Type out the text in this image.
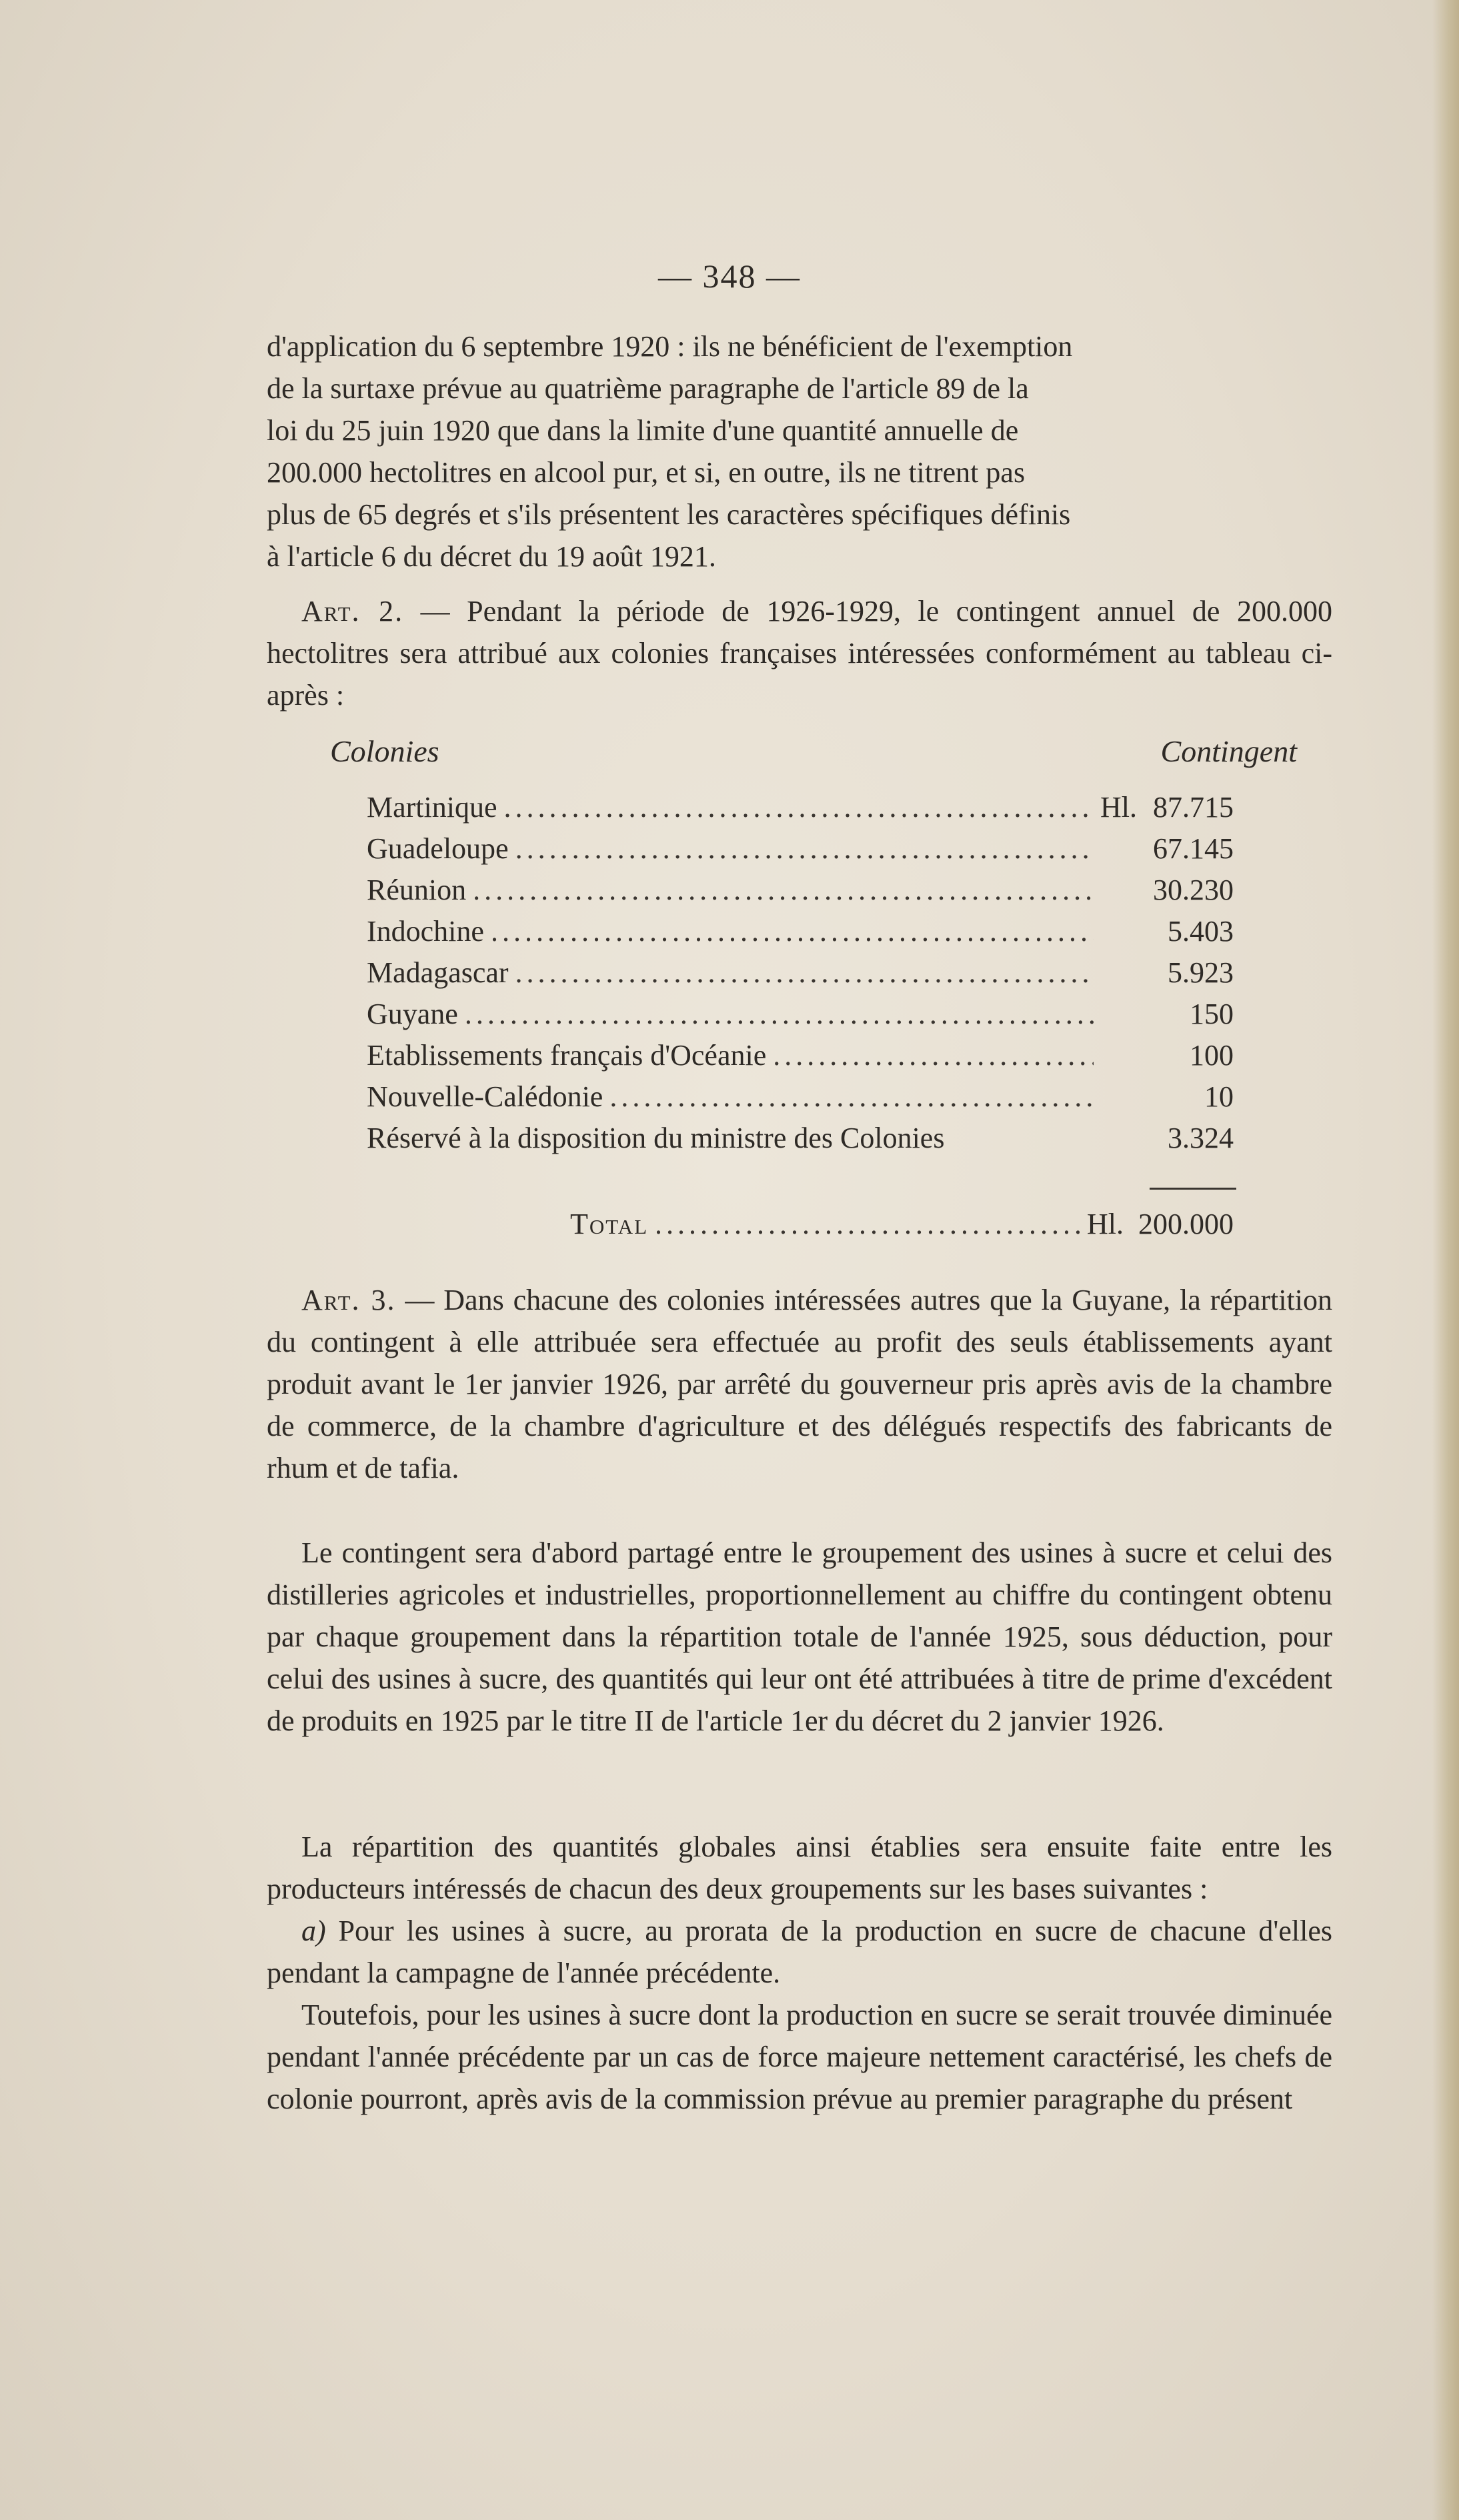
— 348 —
d'application du 6 septembre 1920 : ils ne bénéficient de l'exemption
de la surtaxe prévue au quatrième paragraphe de l'article 89 de la
loi du 25 juin 1920 que dans la limite d'une quantité annuelle de
200.000 hectolitres en alcool pur, et si, en outre, ils ne titrent pas
plus de 65 degrés et s'ils présentent les caractères spécifiques définis
à l'article 6 du décret du 19 août 1921.
Art. 2. — Pendant la période de 1926-1929, le contingent annuel de 200.000 hectolitres sera attribué aux colonies françaises intéressées conformément au tableau ci-après :
Colonies	Contingent
Martinique .....	Hl. 87.715
Guadeloupe .....	67.145
Réunion .....	30.230
Indochine .....	5.403
Madagascar .....	5.923
Guyane .....	150
Etablissements français d'Océanie .....	100
Nouvelle-Calédonie .....	10
Réservé à la disposition du ministre des Colonies	3.324
Total .....	Hl. 200.000
Art. 3. — Dans chacune des colonies intéressées autres que la Guyane, la répartition du contingent à elle attribuée sera effectuée au profit des seuls établissements ayant produit avant le 1er janvier 1926, par arrêté du gouverneur pris après avis de la chambre de commerce, de la chambre d'agriculture et des délégués respectifs des fabricants de rhum et de tafia.
Le contingent sera d'abord partagé entre le groupement des usines à sucre et celui des distilleries agricoles et industrielles, proportionnellement au chiffre du contingent obtenu par chaque groupement dans la répartition totale de l'année 1925, sous déduction, pour celui des usines à sucre, des quantités qui leur ont été attribuées à titre de prime d'excédent de produits en 1925 par le titre II de l'article 1er du décret du 2 janvier 1926.
La répartition des quantités globales ainsi établies sera ensuite faite entre les producteurs intéressés de chacun des deux groupements sur les bases suivantes :
a) Pour les usines à sucre, au prorata de la production en sucre de chacune d'elles pendant la campagne de l'année précédente.
Toutefois, pour les usines à sucre dont la production en sucre se serait trouvée diminuée pendant l'année précédente par un cas de force majeure nettement caractérisé, les chefs de colonie pourront, après avis de la commission prévue au premier paragraphe du présent
